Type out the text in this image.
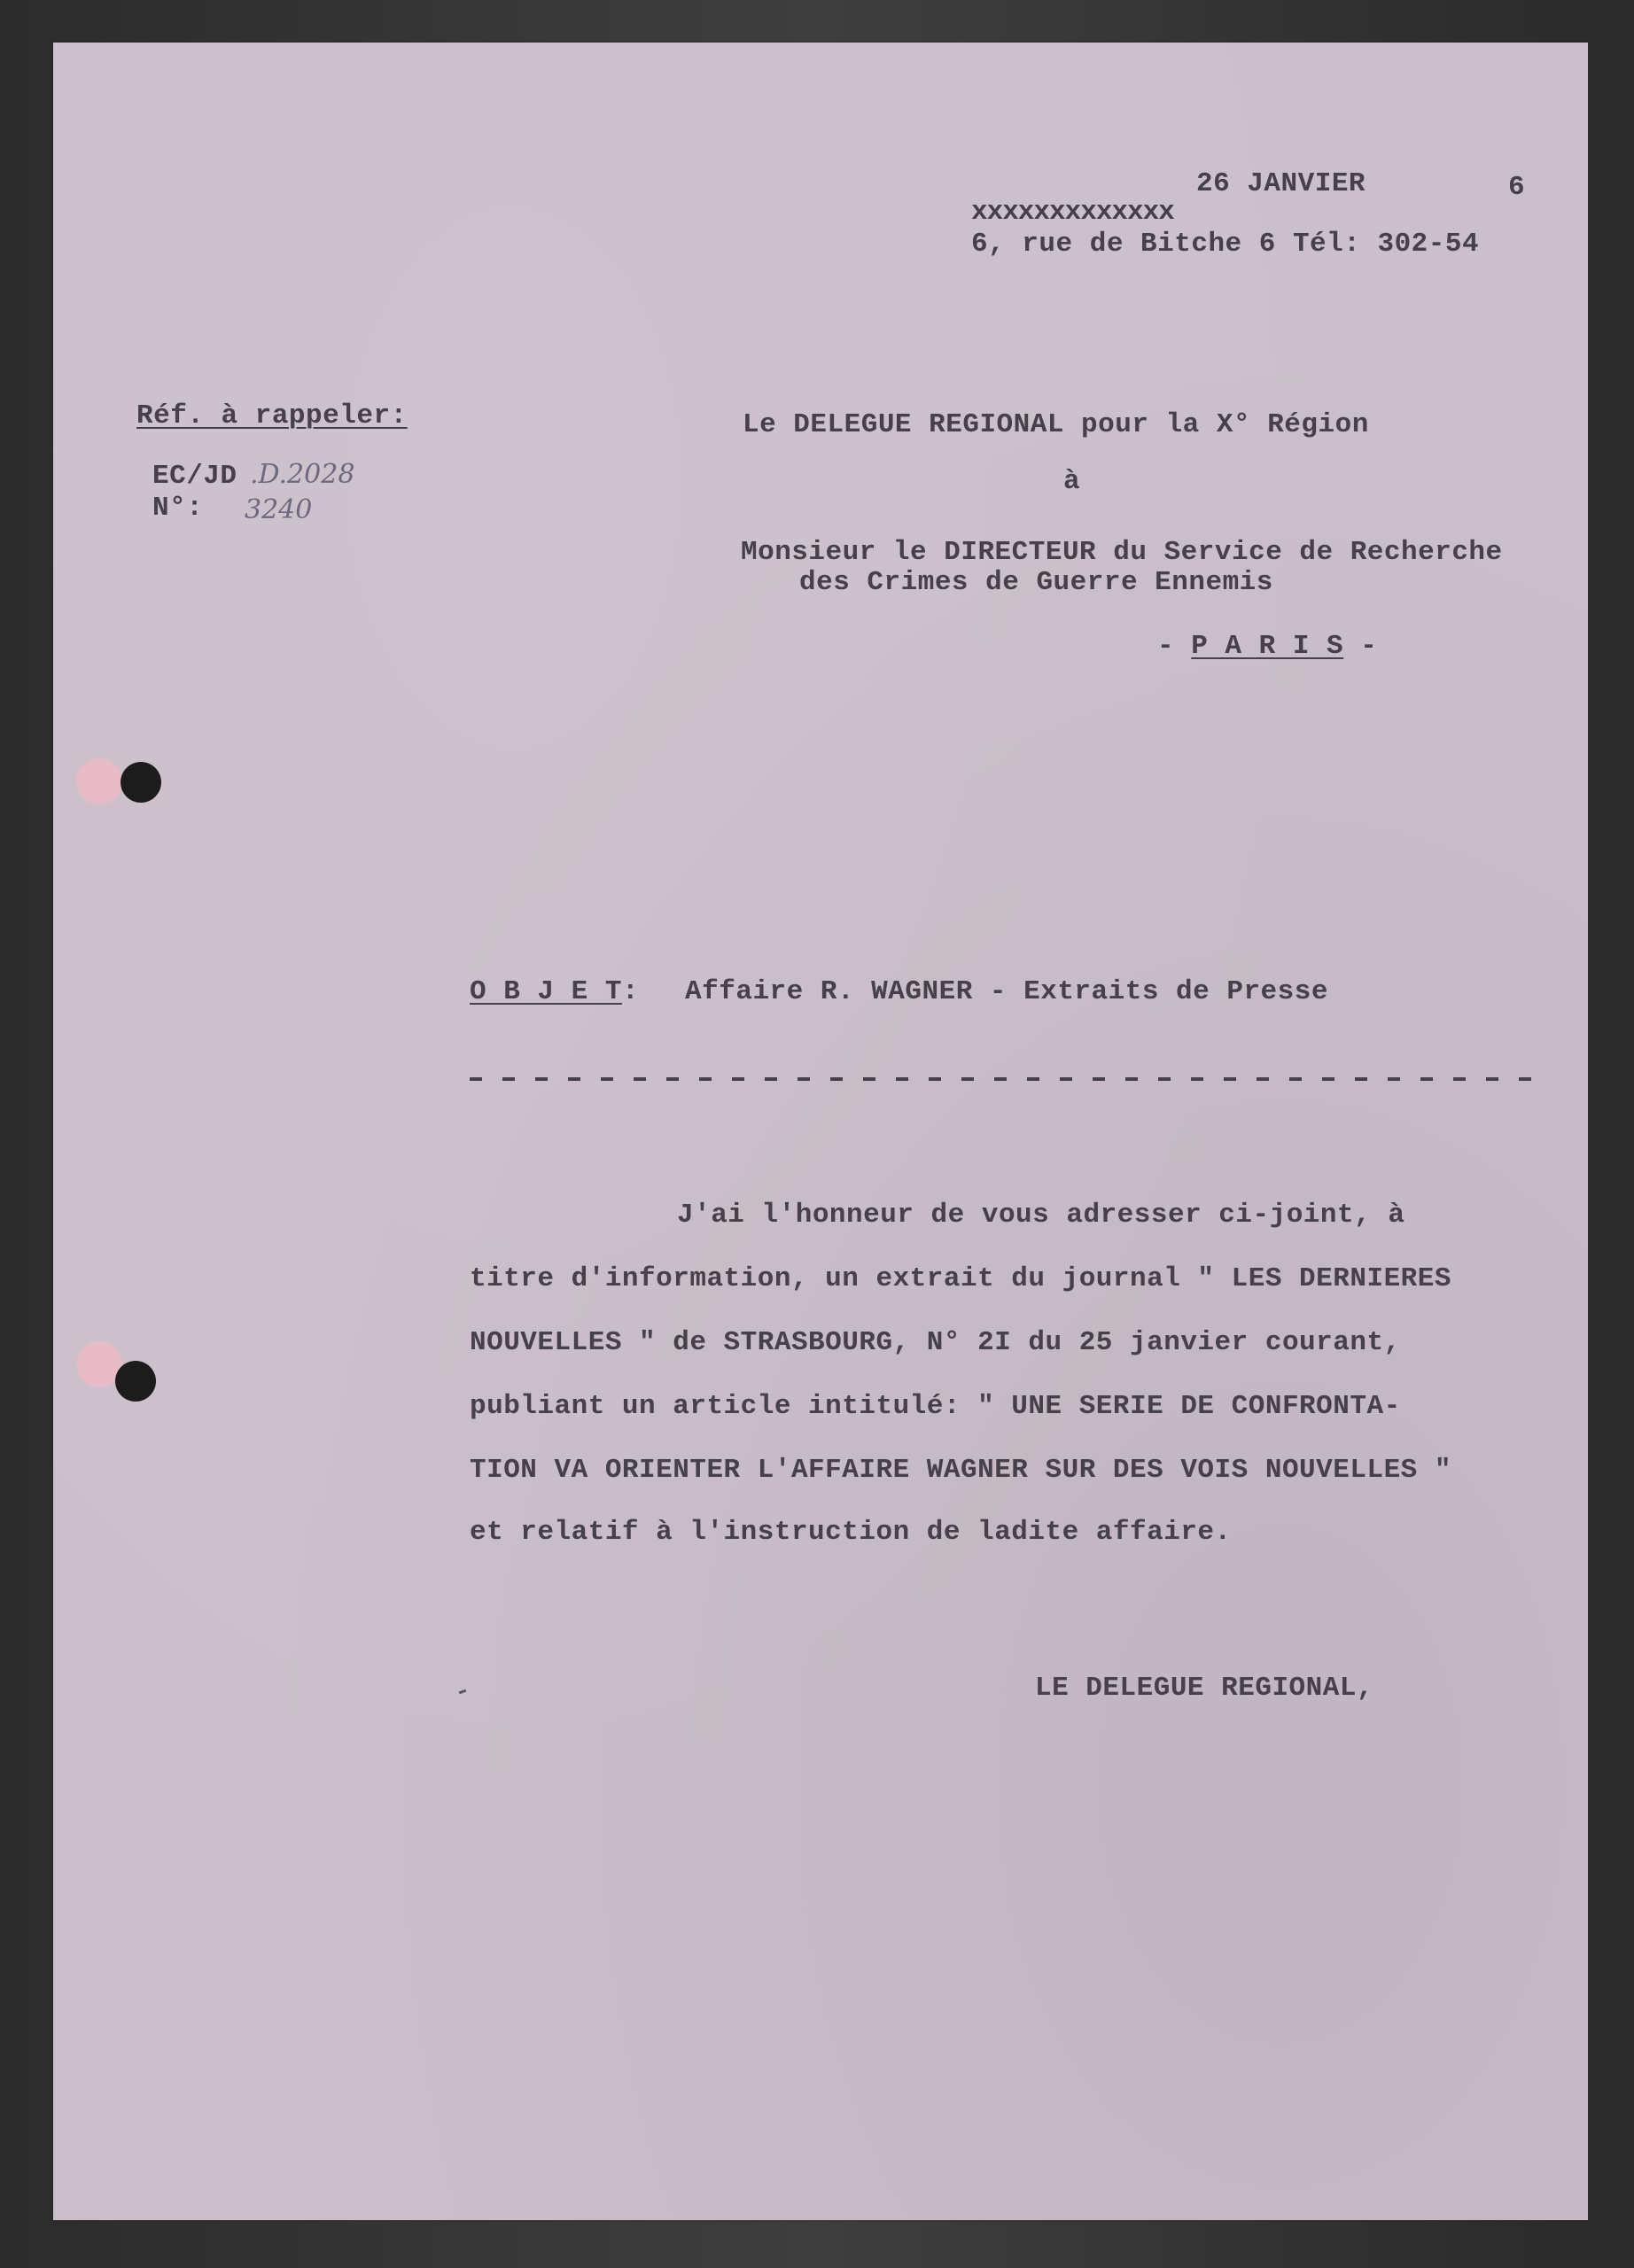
26 JANVIER	6
xxxxxxxxxxxxx
6, rue de Bitche 6 Tél: 302-54
Réf. à rappeler:
EC/JD .D.2028
N°: 3240
Le DELEGUE REGIONAL pour la X° Région
à
Monsieur le DIRECTEUR du Service de Recherche
des Crimes de Guerre Ennemis
- P A R I S -
O B J E T: Affaire R. WAGNER - Extraits de Presse
J'ai l'honneur de vous adresser ci-joint, à
titre d'information, un extrait du journal " LES DERNIERES
NOUVELLES " de STRASBOURG, N° 2I du 25 janvier courant,
publiant un article intitulé: " UNE SERIE DE CONFRONTA-
TION VA ORIENTER L'AFFAIRE WAGNER SUR DES VOIS NOUVELLES "
et relatif à l'instruction de ladite affaire.
LE DELEGUE REGIONAL,
